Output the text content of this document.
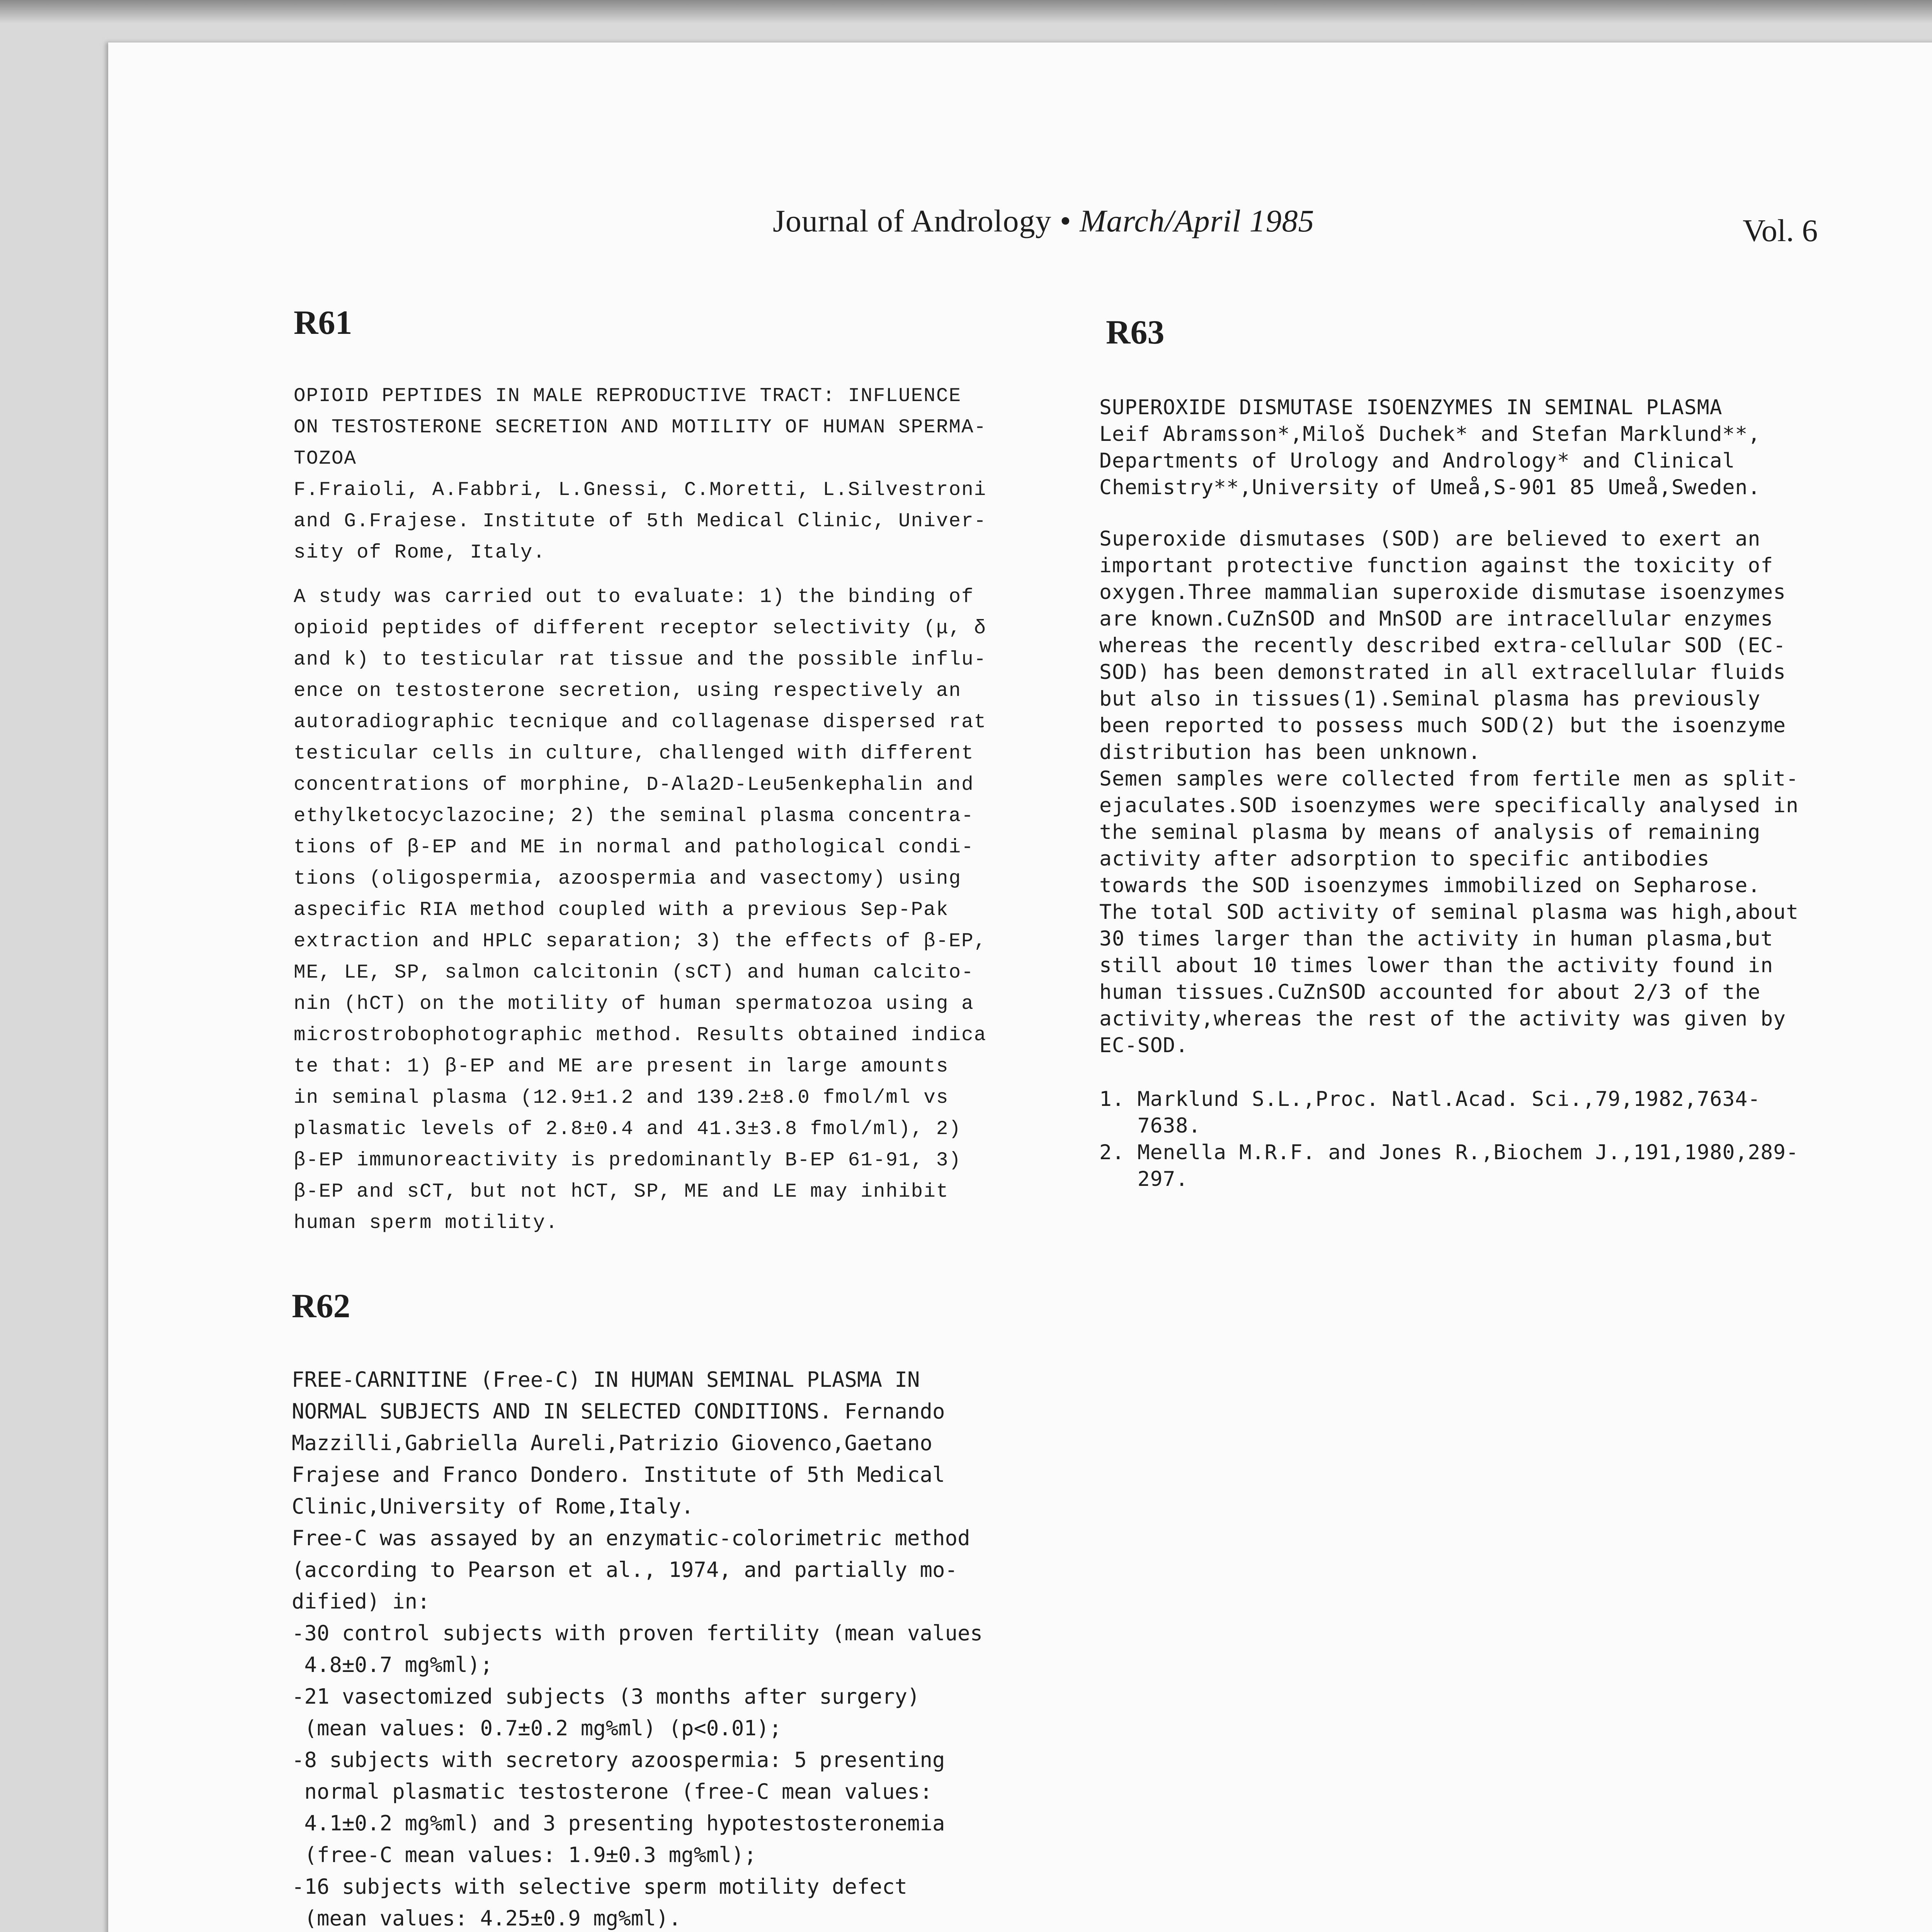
Journal of Andrology • March/April 1985	Vol. 6
R61
OPIOID PEPTIDES IN MALE REPRODUCTIVE TRACT: INFLUENCE
ON TESTOSTERONE SECRETION AND MOTILITY OF HUMAN SPERMA-
TOZOA
F.Fraioli, A.Fabbri, L.Gnessi, C.Moretti, L.Silvestroni
and G.Frajese. Institute of 5th Medical Clinic, Univer-
sity of Rome, Italy.
A study was carried out to evaluate: 1) the binding of
opioid peptides of different receptor selectivity (μ, δ
and k) to testicular rat tissue and the possible influ-
ence on testosterone secretion, using respectively an
autoradiographic tecnique and collagenase dispersed rat
testicular cells in culture, challenged with different
concentrations of morphine, D-Ala2D-Leu5enkephalin and
ethylketocyclazocine; 2) the seminal plasma concentra-
tions of β-EP and ME in normal and pathological condi-
tions (oligospermia, azoospermia and vasectomy) using
aspecific RIA method coupled with a previous Sep-Pak
extraction and HPLC separation; 3) the effects of β-EP,
ME, LE, SP, salmon calcitonin (sCT) and human calcito-
nin (hCT) on the motility of human spermatozoa using a
microstrobophotographic method. Results obtained indica
te that: 1) β-EP and ME are present in large amounts
in seminal plasma (12.9±1.2 and 139.2±8.0 fmol/ml vs
plasmatic levels of 2.8±0.4 and 41.3±3.8 fmol/ml), 2)
β-EP immunoreactivity is predominantly B-EP 61-91, 3)
β-EP and sCT, but not hCT, SP, ME and LE may inhibit
human sperm motility.
R62
FREE-CARNITINE (Free-C) IN HUMAN SEMINAL PLASMA IN
NORMAL SUBJECTS AND IN SELECTED CONDITIONS. Fernando
Mazzilli,Gabriella Aureli,Patrizio Giovenco,Gaetano
Frajese and Franco Dondero. Institute of 5th Medical
Clinic,University of Rome,Italy.
Free-C was assayed by an enzymatic-colorimetric method
(according to Pearson et al., 1974, and partially mo-
dified) in:
-30 control subjects with proven fertility (mean values
4.8±0.7 mg%ml);
-21 vasectomized subjects (3 months after surgery)
(mean values: 0.7±0.2 mg%ml) (p<0.01);
-8 subjects with secretory azoospermia: 5 presenting
normal plasmatic testosterone (free-C mean values:
4.1±0.2 mg%ml) and 3 presenting hypotestosteronemia
(free-C mean values: 1.9±0.3 mg%ml);
-16 subjects with selective sperm motility defect
(mean values: 4.25±0.9 mg%ml).

R63
SUPEROXIDE DISMUTASE ISOENZYMES IN SEMINAL PLASMA
Leif Abramsson*,Miloš Duchek* and Stefan Marklund**,
Departments of Urology and Andrology* and Clinical
Chemistry**,University of Umeå,S-901 85 Umeå,Sweden.
Superoxide dismutases (SOD) are believed to exert an
important protective function against the toxicity of
oxygen.Three mammalian superoxide dismutase isoenzymes
are known.CuZnSOD and MnSOD are intracellular enzymes
whereas the recently described extra-cellular SOD (EC-
SOD) has been demonstrated in all extracellular fluids
but also in tissues(1).Seminal plasma has previously
been reported to possess much SOD(2) but the isoenzyme
distribution has been unknown.
Semen samples were collected from fertile men as split-
ejaculates.SOD isoenzymes were specifically analysed in
the seminal plasma by means of analysis of remaining
activity after adsorption to specific antibodies
towards the SOD isoenzymes immobilized on Sepharose.
The total SOD activity of seminal plasma was high,about
30 times larger than the activity in human plasma,but
still about 10 times lower than the activity found in
human tissues.CuZnSOD accounted for about 2/3 of the
activity,whereas the rest of the activity was given by
EC-SOD.
1. Marklund S.L.,Proc. Natl.Acad. Sci.,79,1982,7634-
7638.
2. Menella M.R.F. and Jones R.,Biochem J.,191,1980,289-
297.
